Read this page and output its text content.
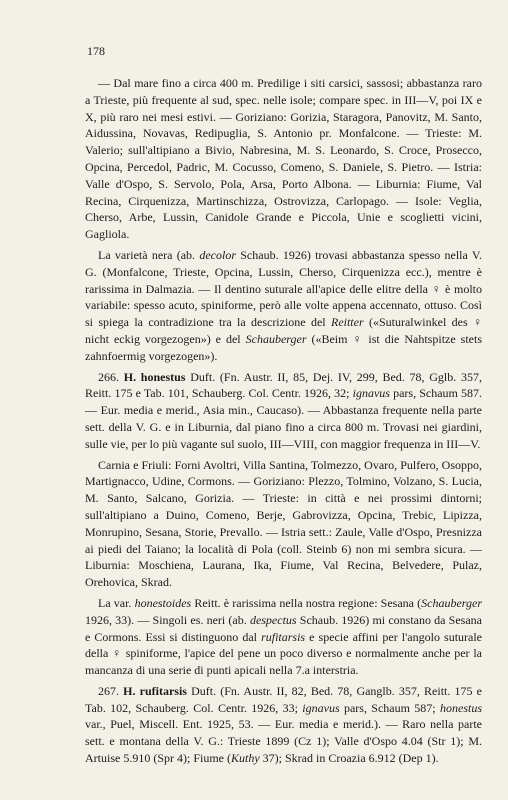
178

— Dal mare fino a circa 400 m. Predilige i siti carsici, sassosi; abbastanza raro a Trieste, più frequente al sud, spec. nelle isole; compare spec. in III—V, poi IX e X, più raro nei mesi estivi. — Goriziano: Gorizia, Staragora, Panovitz, M. Santo, Aidussina, Novavas, Redipuglia, S. Antonio pr. Monfalcone. — Trieste: M. Valerio; sull'altipiano a Bivio, Nabresina, M. S. Leonardo, S. Croce, Prosecco, Opcina, Percedol, Padric, M. Cocusso, Comeno, S. Daniele, S. Pietro. — Istria: Valle d'Ospo, S. Servolo, Pola, Arsa, Porto Albona. — Liburnia: Fiume, Val Recina, Cirquenizza, Martinschizza, Ostrovizza, Carlopago. — Isole: Veglia, Cherso, Arbe, Lussin, Canidole Grande e Piccola, Unie e scoglietti vicini, Gagliola.

La varietà nera (ab. decolor Schaub. 1926) trovasi abbastanza spesso nella V. G. (Monfalcone, Trieste, Opcina, Lussin, Cherso, Cirquenizza ecc.), mentre è rarissima in Dalmazia. — Il dentino suturale all'apice delle elitre della ♀ è molto variabile: spesso acuto, spiniforme, però alle volte appena accennato, ottuso. Così si spiega la contradizione tra la descrizione del Reitter («Suturalwinkel des ♀ nicht eckig vorgezogen») e del Schauberger («Beim ♀ ist die Nahtspitze stets zahnfoermig vorgezogen»).

266. H. honestus Duft. (Fn. Austr. II, 85, Dej. IV, 299, Bed. 78, Gglb. 357, Reitt. 175 e Tab. 101, Schauberg. Col. Centr. 1926, 32; ignavus pars, Schaum 587. — Eur. media e merid., Asia min., Caucaso). — Abbastanza frequente nella parte sett. della V. G. e in Liburnia, dal piano fino a circa 800 m. Trovasi nei giardini, sulle vie, per lo più vagante sul suolo, III—VIII, con maggior frequenza in III—V.

Carnia e Friuli: Forni Avoltri, Villa Santina, Tolmezzo, Ovaro, Pulfero, Osoppo, Martignacco, Udine, Cormons. — Goriziano: Plezzo, Tolmino, Volzano, S. Lucia, M. Santo, Salcano, Gorizia. — Trieste: in città e nei prossimi dintorni; sull'altipiano a Duino, Comeno, Berje, Gabrovizza, Opcina, Trebic, Lipizza, Monrupino, Sesana, Storie, Prevallo. — Istria sett.: Zaule, Valle d'Ospo, Presnizza ai piedi del Taiano; la località di Pola (coll. Steinb 6) non mi sembra sicura. — Liburnia: Moschiena, Laurana, Ika, Fiume, Val Recina, Belvedere, Pulaz, Orehovica, Skrad.

La var. honestoides Reitt. è rarissima nella nostra regione: Sesana (Schauberger 1926, 33). — Singoli es. neri (ab. despectus Schaub. 1926) mi constano da Sesana e Cormons. Essi si distinguono dal rufitarsis e specie affini per l'angolo suturale della ♀ spiniforme, l'apice del pene un poco diverso e normalmente anche per la mancanza di una serie di punti apicali nella 7.a interstria.

267. H. rufitarsis Duft. (Fn. Austr. II, 82, Bed. 78, Ganglb. 357, Reitt. 175 e Tab. 102, Schauberg. Col. Centr. 1926, 33; ignavus pars, Schaum 587; honestus var., Puel, Miscell. Ent. 1925, 53. — Eur. media e merid.). — Raro nella parte sett. e montana della V. G.: Trieste 1899 (Cz 1); Valle d'Ospo 4.04 (Str 1); M. Artuise 5.910 (Spr 4); Fiume (Kuthy 37); Skrad in Croazia 6.912 (Dep 1).
